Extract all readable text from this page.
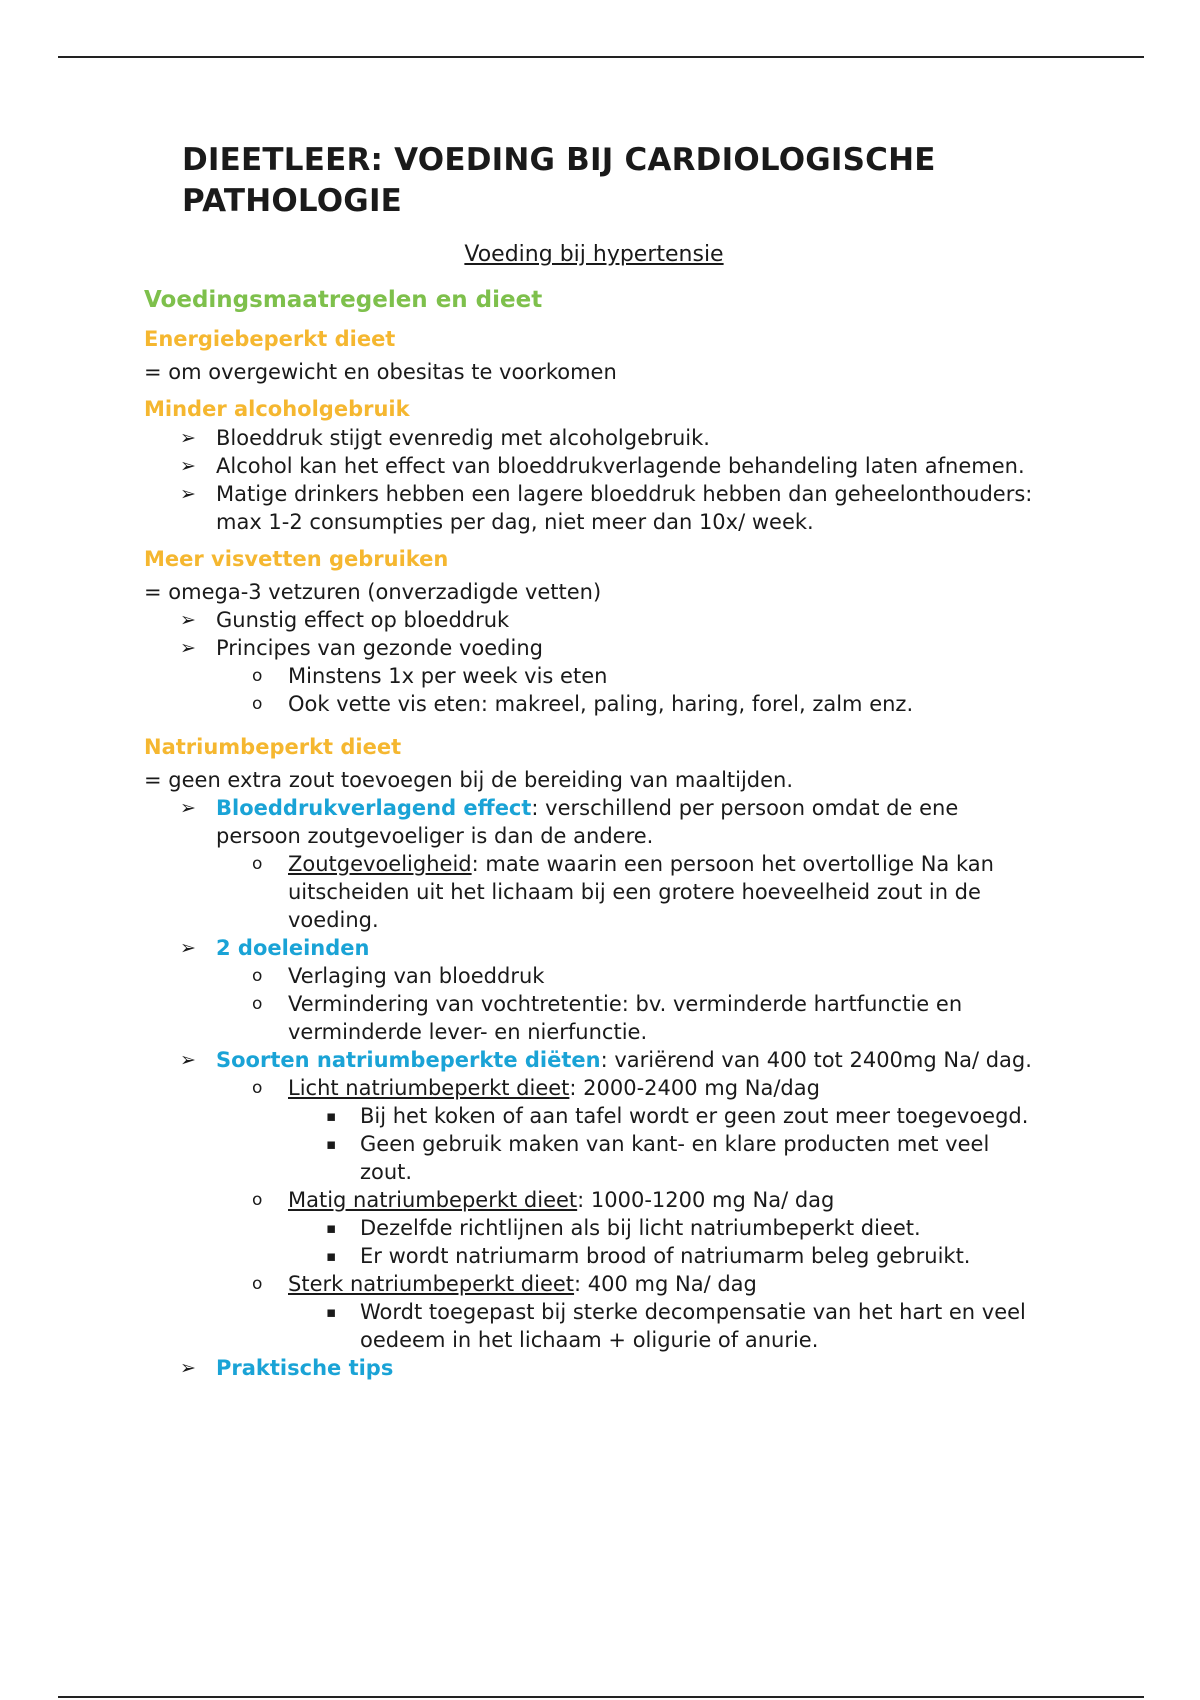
DIEETLEER: VOEDING BIJ CARDIOLOGISCHE
PATHOLOGIE
Voeding bij hypertensie
Voedingsmaatregelen en dieet
Energiebeperkt dieet
= om overgewicht en obesitas te voorkomen
Minder alcoholgebruik
➢ Bloeddruk stijgt evenredig met alcoholgebruik.
➢ Alcohol kan het effect van bloeddrukverlagende behandeling laten afnemen.
➢ Matige drinkers hebben een lagere bloeddruk hebben dan geheelonthouders: max 1-2 consumpties per dag, niet meer dan 10x/ week.
Meer visvetten gebruiken
= omega-3 vetzuren (onverzadigde vetten)
➢ Gunstig effect op bloeddruk
➢ Principes van gezonde voeding
o Minstens 1x per week vis eten
o Ook vette vis eten: makreel, paling, haring, forel, zalm enz.
Natriumbeperkt dieet
= geen extra zout toevoegen bij de bereiding van maaltijden.
➢ Bloeddrukverlagend effect: verschillend per persoon omdat de ene persoon zoutgevoeliger is dan de andere.
o Zoutgevoeligheid: mate waarin een persoon het overtollige Na kan uitscheiden uit het lichaam bij een grotere hoeveelheid zout in de voeding.
➢ 2 doeleinden
o Verlaging van bloeddruk
o Vermindering van vochtretentie: bv. verminderde hartfunctie en verminderde lever- en nierfunctie.
➢ Soorten natriumbeperkte diëten: variërend van 400 tot 2400mg Na/ dag.
o Licht natriumbeperkt dieet: 2000-2400 mg Na/dag
▪ Bij het koken of aan tafel wordt er geen zout meer toegevoegd.
▪ Geen gebruik maken van kant- en klare producten met veel zout.
o Matig natriumbeperkt dieet: 1000-1200 mg Na/ dag
▪ Dezelfde richtlijnen als bij licht natriumbeperkt dieet.
▪ Er wordt natriumarm brood of natriumarm beleg gebruikt.
o Sterk natriumbeperkt dieet: 400 mg Na/ dag
▪ Wordt toegepast bij sterke decompensatie van het hart en veel oedeem in het lichaam + oligurie of anurie.
➢ Praktische tips
